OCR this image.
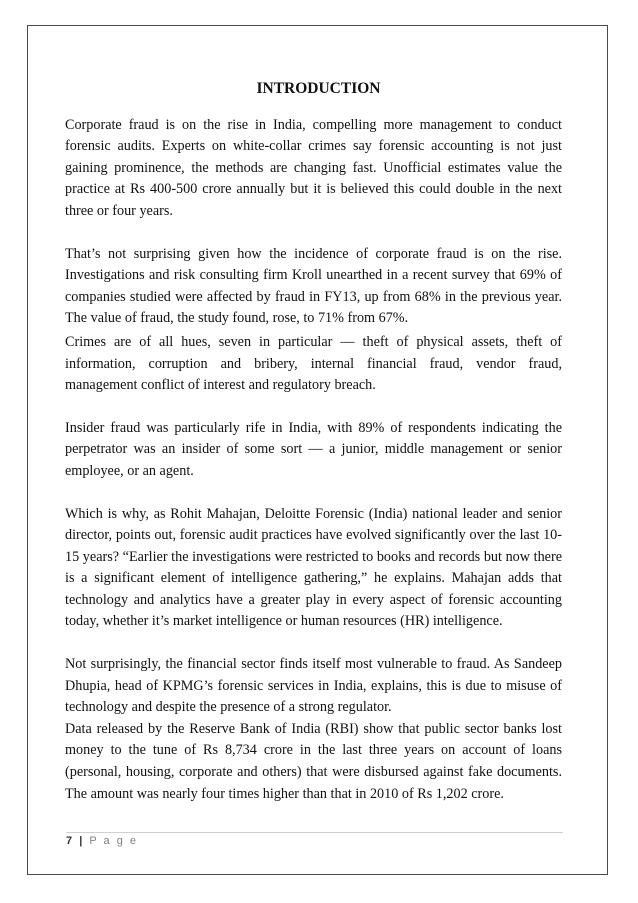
INTRODUCTION

Corporate fraud is on the rise in India, compelling more management to conduct forensic audits. Experts on white-collar crimes say forensic accounting is not just gaining prominence, the methods are changing fast. Unofficial estimates value the practice at Rs 400-500 crore annually but it is believed this could double in the next three or four years.

That’s not surprising given how the incidence of corporate fraud is on the rise. Investigations and risk consulting firm Kroll unearthed in a recent survey that 69% of companies studied were affected by fraud in FY13, up from 68% in the previous year. The value of fraud, the study found, rose, to 71% from 67%.

Crimes are of all hues, seven in particular — theft of physical assets, theft of information, corruption and bribery, internal financial fraud, vendor fraud, management conflict of interest and regulatory breach.

Insider fraud was particularly rife in India, with 89% of respondents indicating the perpetrator was an insider of some sort — a junior, middle management or senior employee, or an agent.

Which is why, as Rohit Mahajan, Deloitte Forensic (India) national leader and senior director, points out, forensic audit practices have evolved significantly over the last 10-15 years? “Earlier the investigations were restricted to books and records but now there is a significant element of intelligence gathering,” he explains. Mahajan adds that technology and analytics have a greater play in every aspect of forensic accounting today, whether it’s market intelligence or human resources (HR) intelligence.

Not surprisingly, the financial sector finds itself most vulnerable to fraud. As Sandeep Dhupia, head of KPMG’s forensic services in India, explains, this is due to misuse of technology and despite the presence of a strong regulator.

Data released by the Reserve Bank of India (RBI) show that public sector banks lost money to the tune of Rs 8,734 crore in the last three years on account of loans (personal, housing, corporate and others) that were disbursed against fake documents. The amount was nearly four times higher than that in 2010 of Rs 1,202 crore.

7 | P a g e
